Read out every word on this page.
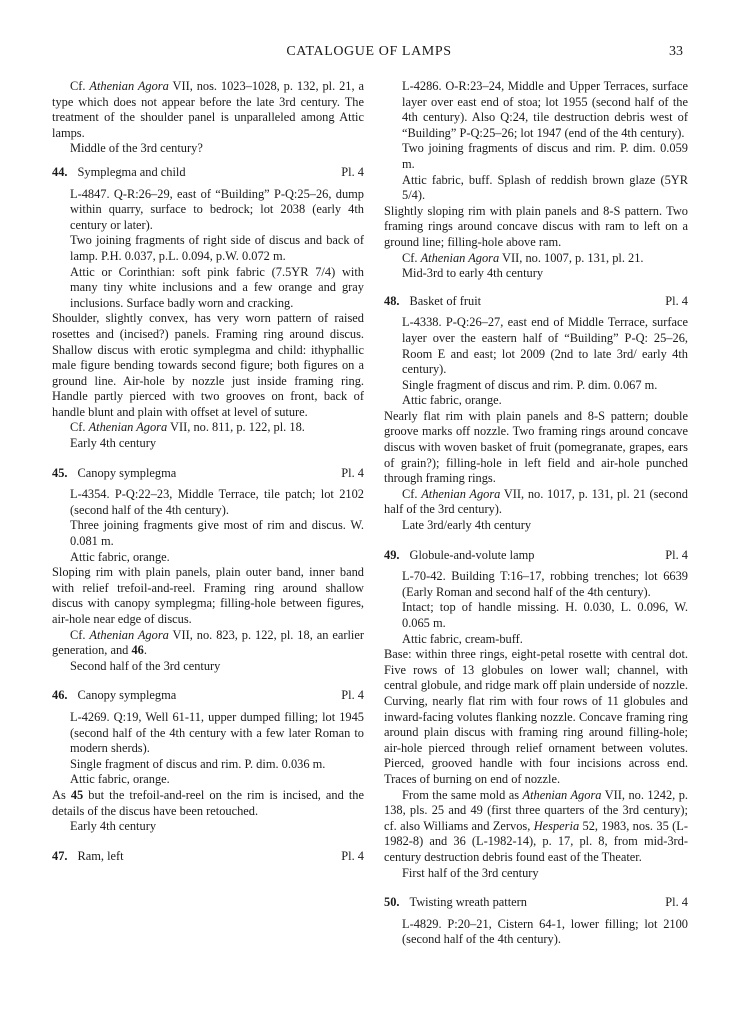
CATALOGUE OF LAMPS	33

Cf. Athenian Agora VII, nos. 1023–1028, p. 132, pl. 21, a type which does not appear before the late 3rd century. The treatment of the shoulder panel is unparalleled among Attic lamps.

Middle of the 3rd century?

44. Symplegma and child	Pl. 4

L-4847. Q-R:26–29, east of “Building” P-Q:25–26, dump within quarry, surface to bedrock; lot 2038 (early 4th century or later).

Two joining fragments of right side of discus and back of lamp. P.H. 0.037, p.L. 0.094, p.W. 0.072 m.

Attic or Corinthian: soft pink fabric (7.5YR 7/4) with many tiny white inclusions and a few orange and gray inclusions. Surface badly worn and cracking.

Shoulder, slightly convex, has very worn pattern of raised rosettes and (incised?) panels. Framing ring around discus. Shallow discus with erotic symplegma and child: ithyphallic male figure bending towards second figure; both figures on a ground line. Air-hole by nozzle just inside framing ring. Handle partly pierced with two grooves on front, back of handle blunt and plain with offset at level of suture.

Cf. Athenian Agora VII, no. 811, p. 122, pl. 18.

Early 4th century

45. Canopy symplegma	Pl. 4

L-4354. P-Q:22–23, Middle Terrace, tile patch; lot 2102 (second half of the 4th century).

Three joining fragments give most of rim and discus. W. 0.081 m.

Attic fabric, orange.

Sloping rim with plain panels, plain outer band, inner band with relief trefoil-and-reel. Framing ring around shallow discus with canopy symplegma; filling-hole between figures, air-hole near edge of discus.

Cf. Athenian Agora VII, no. 823, p. 122, pl. 18, an earlier generation, and 46.

Second half of the 3rd century

46. Canopy symplegma	Pl. 4

L-4269. Q:19, Well 61-11, upper dumped filling; lot 1945 (second half of the 4th century with a few later Roman to modern sherds).

Single fragment of discus and rim. P. dim. 0.036 m.

Attic fabric, orange.

As 45 but the trefoil-and-reel on the rim is incised, and the details of the discus have been retouched.

Early 4th century

47. Ram, left	Pl. 4

L-4286. O-R:23–24, Middle and Upper Terraces, surface layer over east end of stoa; lot 1955 (second half of the 4th century). Also Q:24, tile destruction debris west of “Building” P-Q:25–26; lot 1947 (end of the 4th century).

Two joining fragments of discus and rim. P. dim. 0.059 m.

Attic fabric, buff. Splash of reddish brown glaze (5YR 5/4).

Slightly sloping rim with plain panels and 8-S pattern. Two framing rings around concave discus with ram to left on a ground line; filling-hole above ram.

Cf. Athenian Agora VII, no. 1007, p. 131, pl. 21.

Mid-3rd to early 4th century

48. Basket of fruit	Pl. 4

L-4338. P-Q:26–27, east end of Middle Terrace, surface layer over the eastern half of “Building” P-Q: 25–26, Room E and east; lot 2009 (2nd to late 3rd/ early 4th century).

Single fragment of discus and rim. P. dim. 0.067 m.

Attic fabric, orange.

Nearly flat rim with plain panels and 8-S pattern; double groove marks off nozzle. Two framing rings around concave discus with woven basket of fruit (pomegranate, grapes, ears of grain?); filling-hole in left field and air-hole punched through framing rings.

Cf. Athenian Agora VII, no. 1017, p. 131, pl. 21 (second half of the 3rd century).

Late 3rd/early 4th century

49. Globule-and-volute lamp	Pl. 4

L-70-42. Building T:16–17, robbing trenches; lot 6639 (Early Roman and second half of the 4th century).

Intact; top of handle missing. H. 0.030, L. 0.096, W. 0.065 m.

Attic fabric, cream-buff.

Base: within three rings, eight-petal rosette with central dot. Five rows of 13 globules on lower wall; channel, with central globule, and ridge mark off plain underside of nozzle. Curving, nearly flat rim with four rows of 11 globules and inward-facing volutes flanking nozzle. Concave framing ring around plain discus with framing ring around filling-hole; air-hole pierced through relief ornament between volutes. Pierced, grooved handle with four incisions across end. Traces of burning on end of nozzle.

From the same mold as Athenian Agora VII, no. 1242, p. 138, pls. 25 and 49 (first three quarters of the 3rd century); cf. also Williams and Zervos, Hesperia 52, 1983, nos. 35 (L-1982-8) and 36 (L-1982-14), p. 17, pl. 8, from mid-3rd-century destruction debris found east of the Theater.

First half of the 3rd century

50. Twisting wreath pattern	Pl. 4

L-4829. P:20–21, Cistern 64-1, lower filling; lot 2100 (second half of the 4th century).
